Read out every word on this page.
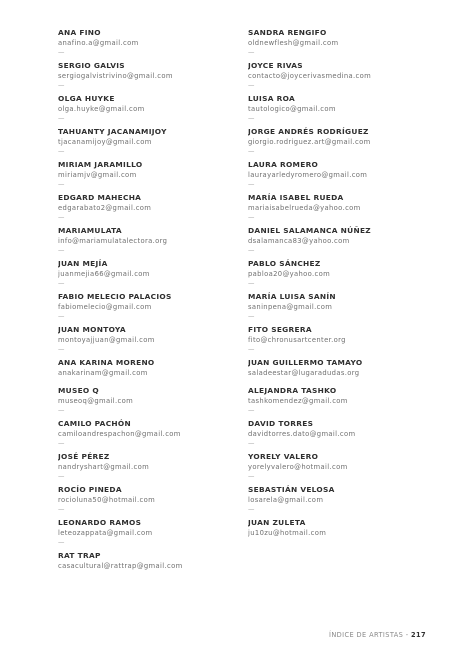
ANA FINO
anafino.a@gmail.com
—
SERGIO GALVIS
sergiogalvistrivino@gmail.com
—
OLGA HUYKE
olga.huyke@gmail.com
—
TAHUANTY JACANAMIJOY
tjacanamijoy@gmail.com
—
MIRIAM JARAMILLO
miriamjv@gmail.com
—
EDGARD MAHECHA
edgarabato2@gmail.com
—
MARIAMULATA
info@mariamulatalectora.org
—
JUAN MEJÍA
juanmejia66@gmail.com
—
FABIO MELECIO PALACIOS
fabiomelecio@gmail.com
—
JUAN MONTOYA
montoyajjuan@gmail.com
—
ANA KARINA MORENO
anakarinam@gmail.com
MUSEO Q
museoq@gmail.com
—
CAMILO PACHÓN
camiloandrespachon@gmail.com
—
JOSÉ PÉREZ
nandryshart@gmail.com
—
ROCÍO PINEDA
rocioluna50@hotmail.com
—
LEONARDO RAMOS
leteozappata@gmail.com
—
RAT TRAP
casacultural@rattrap@gmail.com
SANDRA RENGIFO
oldnewflesh@gmail.com
—
JOYCE RIVAS
contacto@joycerivasmedina.com
—
LUISA ROA
tautologico@gmail.com
—
JORGE ANDRÉS RODRÍGUEZ
giorgio.rodriguez.art@gmail.com
—
LAURA ROMERO
laurayarledyromero@gmail.com
—
MARÍA ISABEL RUEDA
mariaisabelrueda@yahoo.com
—
DANIEL SALAMANCA NÚÑEZ
dsalamanca83@yahoo.com
—
PABLO SÁNCHEZ
pabloa20@yahoo.com
—
MARÍA LUISA SANÍN
saninpena@gmail.com
—
FITO SEGRERA
fito@chronusartcenter.org
—
JUAN GUILLERMO TAMAYO
saladeestar@lugaradudas.org
ALEJANDRA TASHKO
tashkomendez@gmail.com
—
DAVID TORRES
davidtorres.dato@gmail.com
—
YORELY VALERO
yorelyvalero@hotmail.com
—
SEBASTIÁN VELOSA
losarela@gmail.com
—
JUAN ZULETA
ju10zu@hotmail.com
ÍNDICE DE ARTISTAS - 217
